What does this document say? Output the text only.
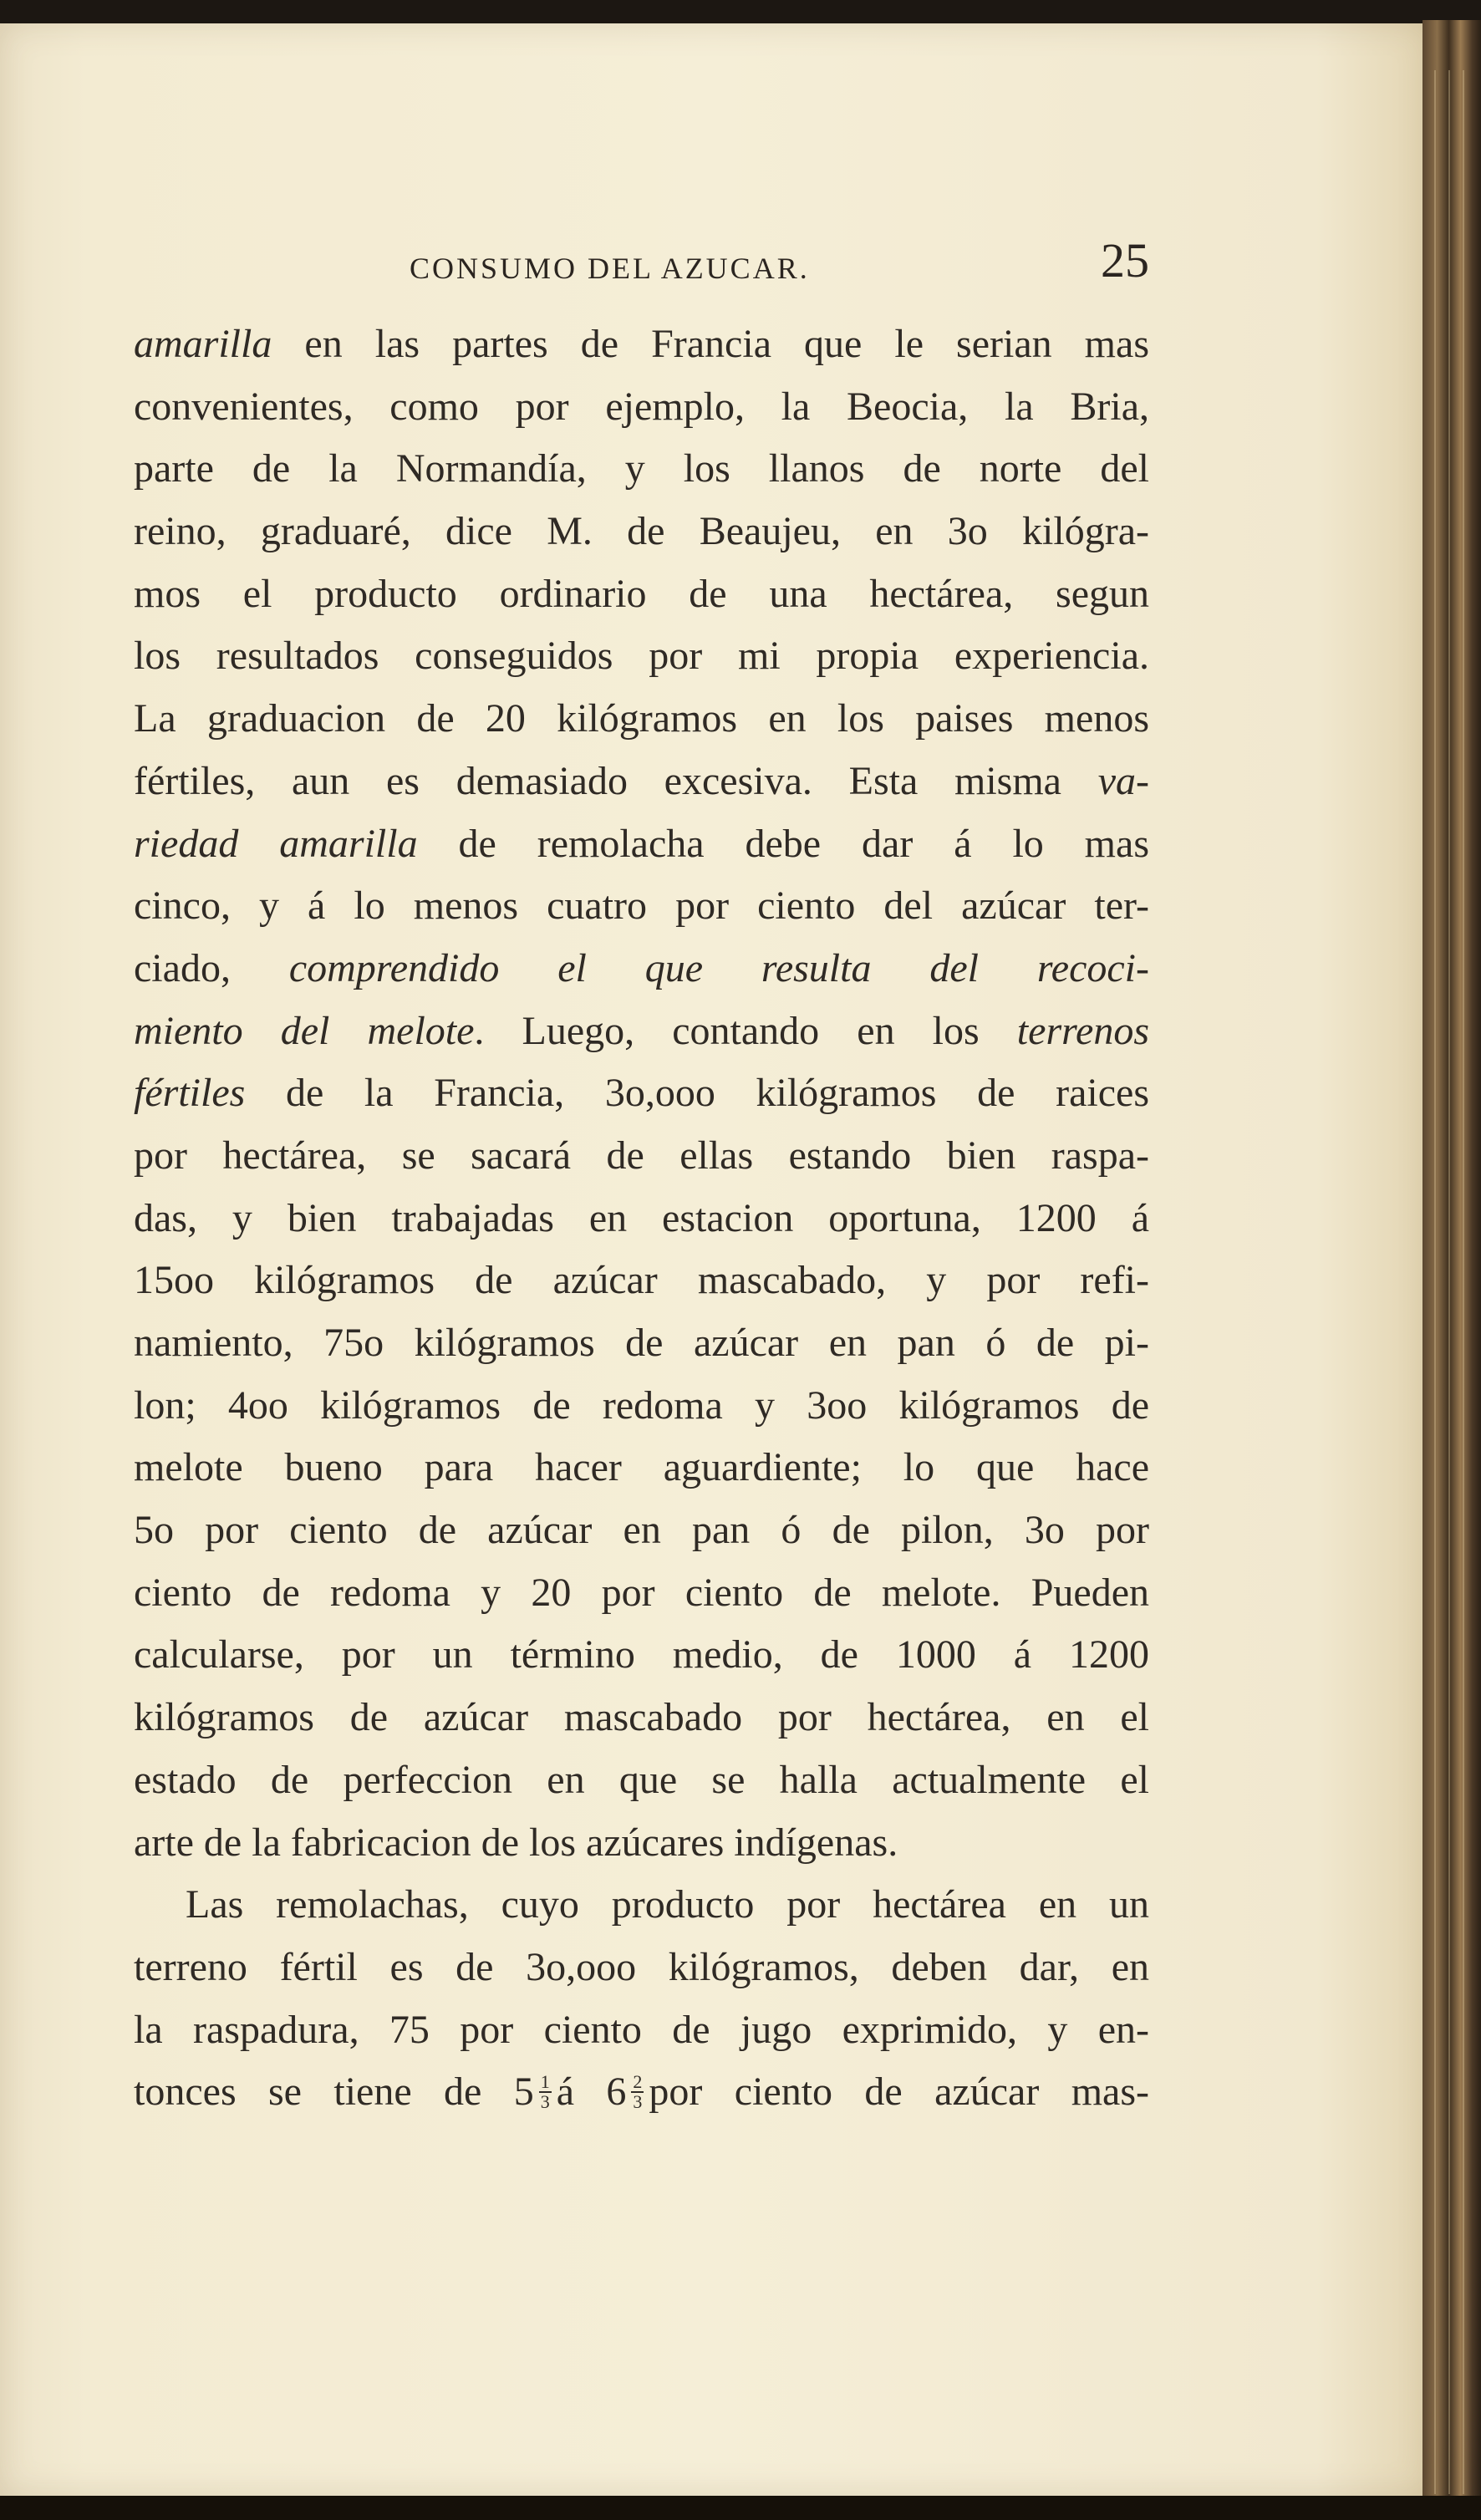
CONSUMO DEL AZUCAR.	25
amarilla en las partes de Francia que le serian mas
convenientes, como por ejemplo, la Beocia, la Bria,
parte de la Normandía, y los llanos de norte del
reino, graduaré, dice M. de Beaujeu, en 3o kilógra-
mos el producto ordinario de una hectárea, segun
los resultados conseguidos por mi propia experiencia.
La graduacion de 20 kilógramos en los paises menos
fértiles, aun es demasiado excesiva. Esta misma va-
riedad amarilla de remolacha debe dar á lo mas
cinco, y á lo menos cuatro por ciento del azúcar ter-
ciado, comprendido el que resulta del recoci-
miento del melote. Luego, contando en los terrenos
fértiles de la Francia, 3o,ooo kilógramos de raices
por hectárea, se sacará de ellas estando bien raspa-
das, y bien trabajadas en estacion oportuna, 1200 á
15oo kilógramos de azúcar mascabado, y por refi-
namiento, 75o kilógramos de azúcar en pan ó de pi-
lon; 4oo kilógramos de redoma y 3oo kilógramos de
melote bueno para hacer aguardiente; lo que hace
5o por ciento de azúcar en pan ó de pilon, 3o por
ciento de redoma y 20 por ciento de melote. Pueden
calcularse, por un término medio, de 1000 á 1200
kilógramos de azúcar mascabado por hectárea, en el
estado de perfeccion en que se halla actualmente el
arte de la fabricacion de los azúcares indígenas.
Las remolachas, cuyo producto por hectárea en un
terreno fértil es de 3o,ooo kilógramos, deben dar, en
la raspadura, 75 por ciento de jugo exprimido, y en-
tonces se tiene de $5 \frac{1}{3}$ á $6 \frac{2}{3}$ por ciento de azúcar mas-
